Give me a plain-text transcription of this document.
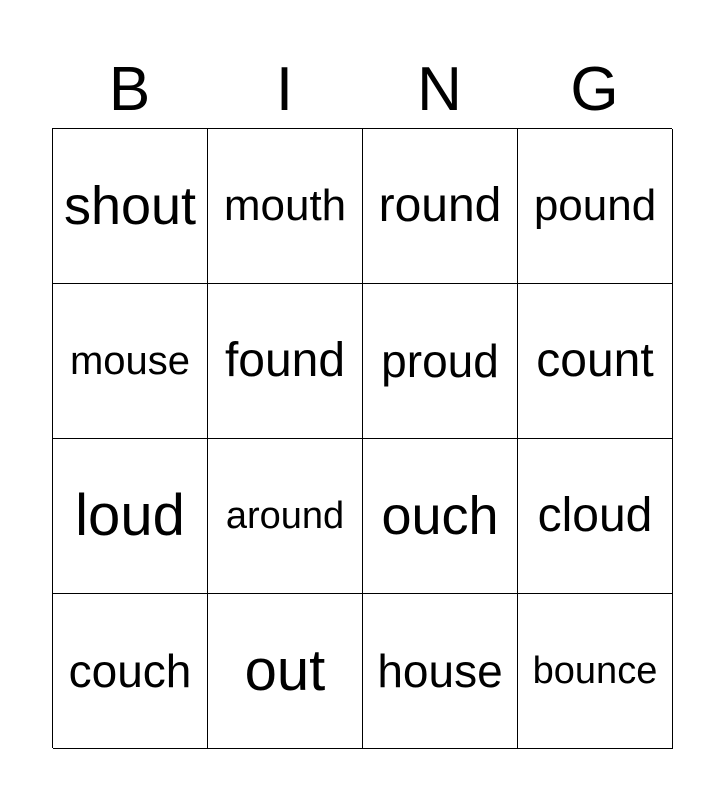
B	I	N	G
shout mouth round pound
mouse found proud count
loud	around ouch cloud
couch out	house bounce
